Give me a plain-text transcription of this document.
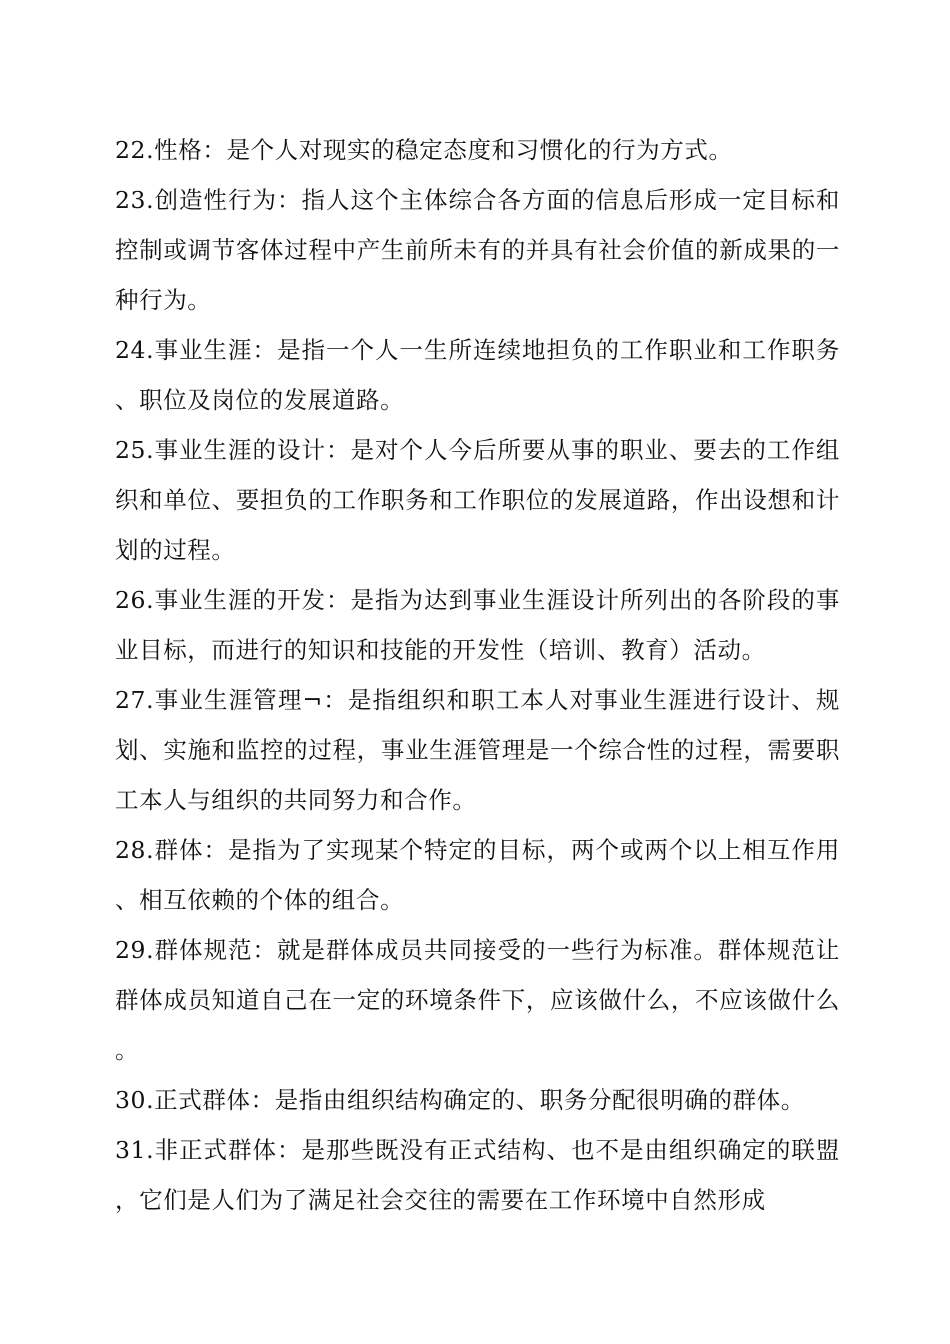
22.性格：是个人对现实的稳定态度和习惯化的行为方式。

23.创造性行为：指人这个主体综合各方面的信息后形成一定目标和控制或调节客体过程中产生前所未有的并具有社会价值的新成果的一种行为。

24.事业生涯：是指一个人一生所连续地担负的工作职业和工作职务、职位及岗位的发展道路。

25.事业生涯的设计：是对个人今后所要从事的职业、要去的工作组织和单位、要担负的工作职务和工作职位的发展道路，作出设想和计划的过程。

26.事业生涯的开发：是指为达到事业生涯设计所列出的各阶段的事业目标，而进行的知识和技能的开发性（培训、教育）活动。

27.事业生涯管理¬：是指组织和职工本人对事业生涯进行设计、规划、实施和监控的过程，事业生涯管理是一个综合性的过程，需要职工本人与组织的共同努力和合作。

28.群体：是指为了实现某个特定的目标，两个或两个以上相互作用、相互依赖的个体的组合。

29.群体规范：就是群体成员共同接受的一些行为标准。群体规范让群体成员知道自己在一定的环境条件下，应该做什么，不应该做什么。

30.正式群体：是指由组织结构确定的、职务分配很明确的群体。

31.非正式群体：是那些既没有正式结构、也不是由组织确定的联盟，它们是人们为了满足社会交往的需要在工作环境中自然形成
